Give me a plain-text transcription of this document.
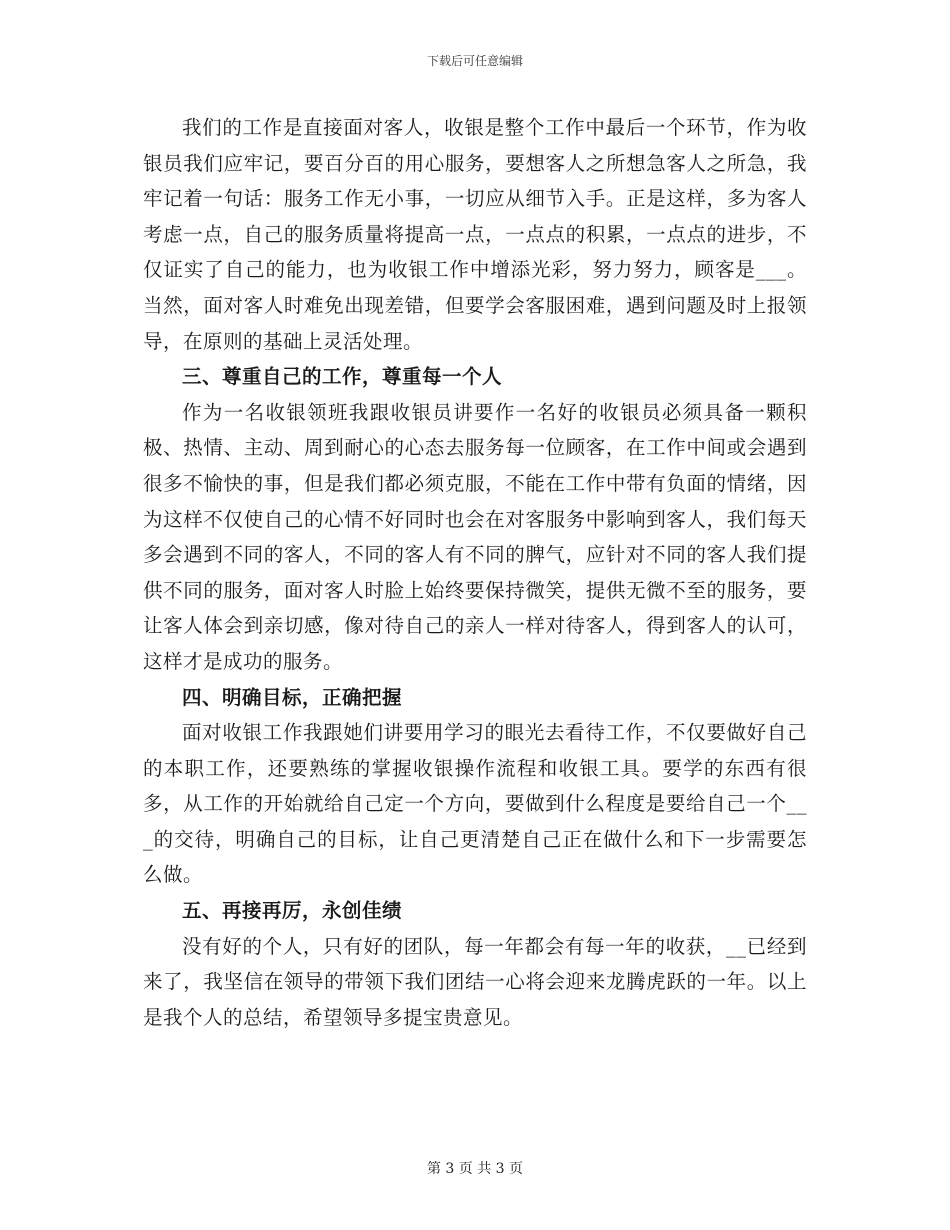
下载后可任意编辑

我们的工作是直接面对客人，收银是整个工作中最后一个环节，作为收银员我们应牢记，要百分百的用心服务，要想客人之所想急客人之所急，我牢记着一句话：服务工作无小事，一切应从细节入手。正是这样，多为客人考虑一点，自己的服务质量将提高一点，一点点的积累，一点点的进步，不仅证实了自己的能力，也为收银工作中增添光彩，努力努力，顾客是___。当然，面对客人时难免出现差错，但要学会客服困难，遇到问题及时上报领导，在原则的基础上灵活处理。

三、尊重自己的工作，尊重每一个人

作为一名收银领班我跟收银员讲要作一名好的收银员必须具备一颗积极、热情、主动、周到耐心的心态去服务每一位顾客，在工作中间或会遇到很多不愉快的事，但是我们都必须克服，不能在工作中带有负面的情绪，因为这样不仅使自己的心情不好同时也会在对客服务中影响到客人，我们每天多会遇到不同的客人，不同的客人有不同的脾气，应针对不同的客人我们提供不同的服务，面对客人时脸上始终要保持微笑，提供无微不至的服务，要让客人体会到亲切感，像对待自己的亲人一样对待客人，得到客人的认可，这样才是成功的服务。

四、明确目标，正确把握

面对收银工作我跟她们讲要用学习的眼光去看待工作，不仅要做好自己的本职工作，还要熟练的掌握收银操作流程和收银工具。要学的东西有很多，从工作的开始就给自己定一个方向，要做到什么程度是要给自己一个___的交待，明确自己的目标，让自己更清楚自己正在做什么和下一步需要怎么做。

五、再接再厉，永创佳绩

没有好的个人，只有好的团队，每一年都会有每一年的收获，__已经到来了，我坚信在领导的带领下我们团结一心将会迎来龙腾虎跃的一年。以上是我个人的总结，希望领导多提宝贵意见。

第 3 页 共 3 页
